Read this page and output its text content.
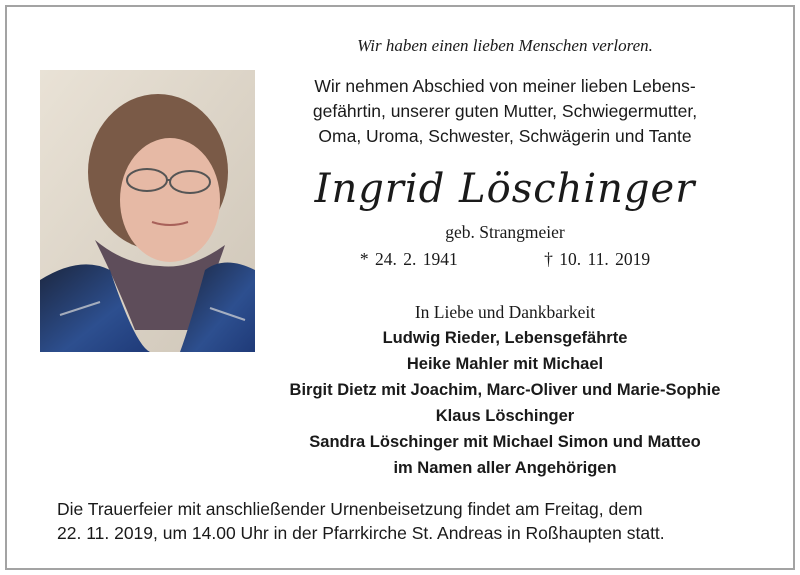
Wir haben einen lieben Menschen verloren.
Wir nehmen Abschied von meiner lieben Lebens-
gefährtin, unserer guten Mutter, Schwiegermutter,
Oma, Uroma, Schwester, Schwägerin und Tante
Ingrid Löschinger
geb. Strangmeier
* 24. 2. 1941	† 10. 11. 2019
In Liebe und Dankbarkeit
Ludwig Rieder, Lebensgefährte
Heike Mahler mit Michael
Birgit Dietz mit Joachim, Marc-Oliver und Marie-Sophie
Klaus Löschinger
Sandra Löschinger mit Michael Simon und Matteo
im Namen aller Angehörigen
Die Trauerfeier mit anschließender Urnenbeisetzung findet am Freitag, dem
22. 11. 2019, um 14.00 Uhr in der Pfarrkirche St. Andreas in Roßhaupten statt.
